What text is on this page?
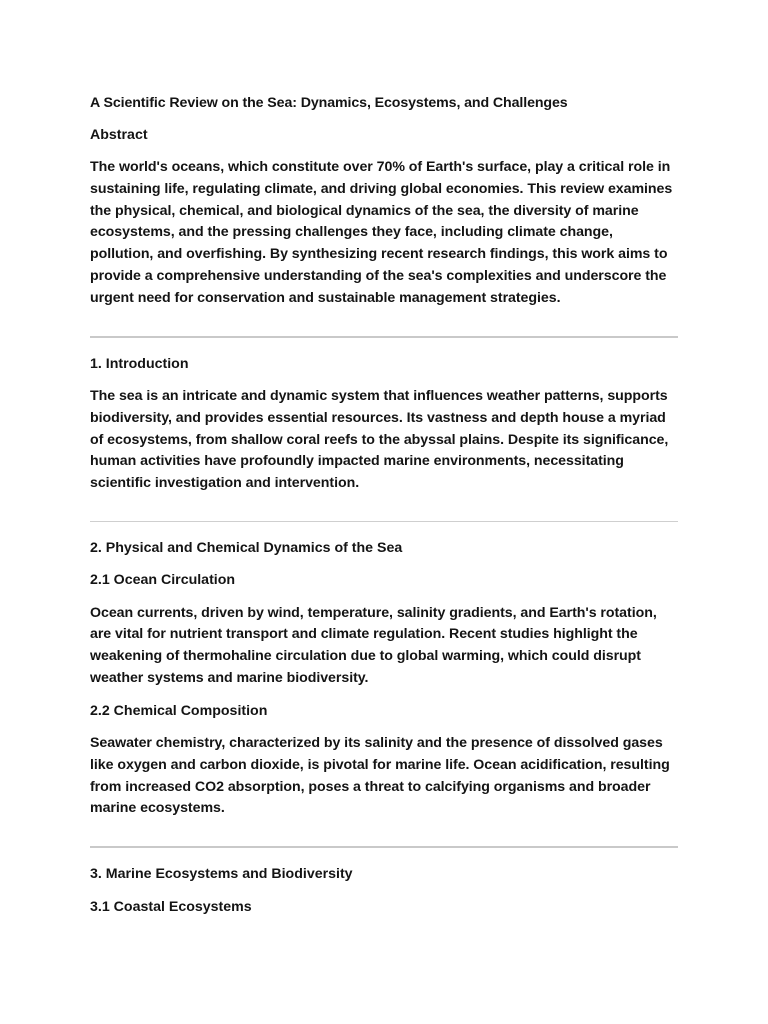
A Scientific Review on the Sea: Dynamics, Ecosystems, and Challenges

Abstract

The world's oceans, which constitute over 70% of Earth's surface, play a critical role in sustaining life, regulating climate, and driving global economies. This review examines the physical, chemical, and biological dynamics of the sea, the diversity of marine ecosystems, and the pressing challenges they face, including climate change, pollution, and overfishing. By synthesizing recent research findings, this work aims to provide a comprehensive understanding of the sea's complexities and underscore the urgent need for conservation and sustainable management strategies.

1. Introduction

The sea is an intricate and dynamic system that influences weather patterns, supports biodiversity, and provides essential resources. Its vastness and depth house a myriad of ecosystems, from shallow coral reefs to the abyssal plains. Despite its significance, human activities have profoundly impacted marine environments, necessitating scientific investigation and intervention.

2. Physical and Chemical Dynamics of the Sea

2.1 Ocean Circulation

Ocean currents, driven by wind, temperature, salinity gradients, and Earth's rotation, are vital for nutrient transport and climate regulation. Recent studies highlight the weakening of thermohaline circulation due to global warming, which could disrupt weather systems and marine biodiversity.

2.2 Chemical Composition

Seawater chemistry, characterized by its salinity and the presence of dissolved gases like oxygen and carbon dioxide, is pivotal for marine life. Ocean acidification, resulting from increased CO2 absorption, poses a threat to calcifying organisms and broader marine ecosystems.

3. Marine Ecosystems and Biodiversity

3.1 Coastal Ecosystems
